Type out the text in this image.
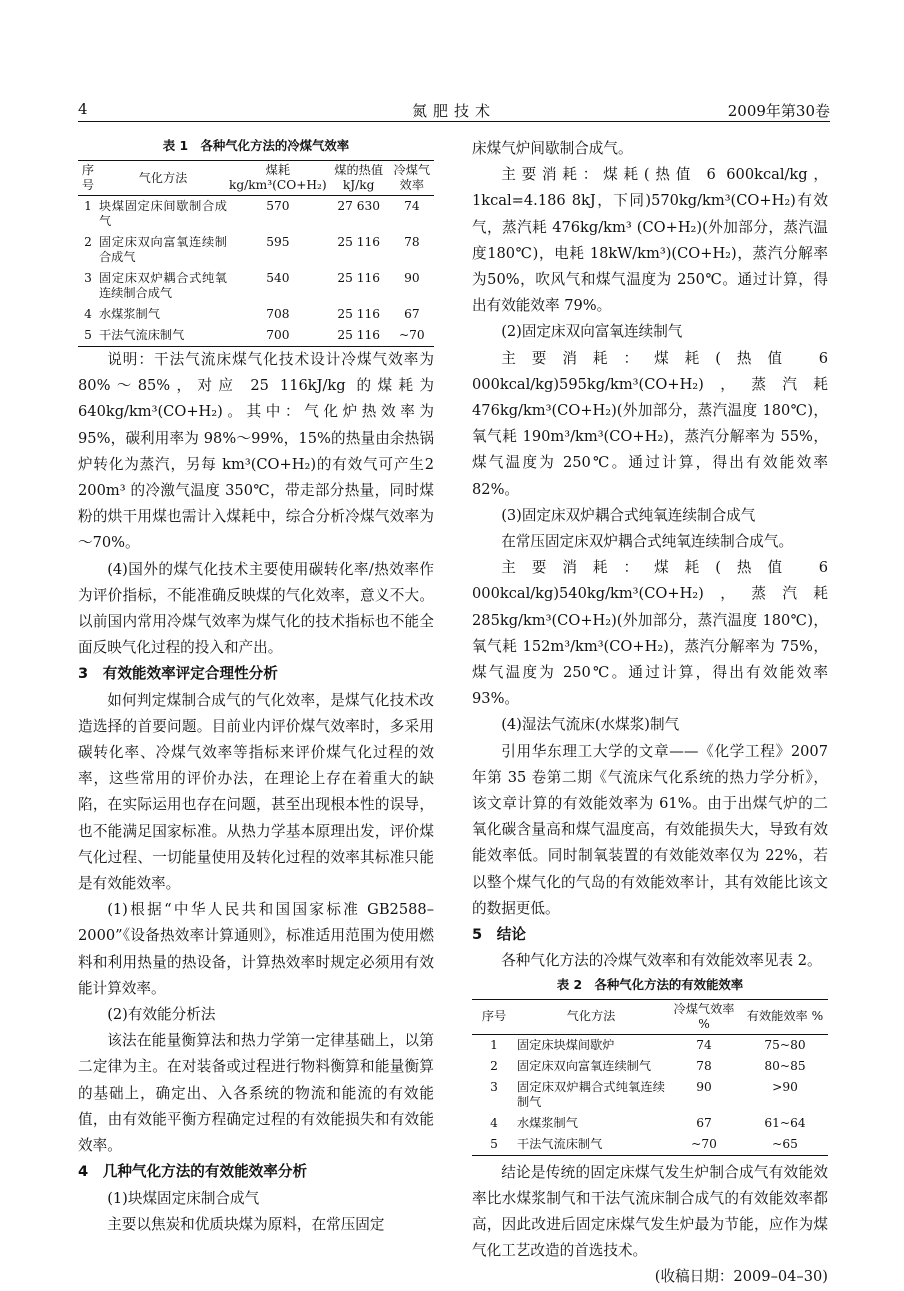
4	氮肥技术	2009年第30卷
表 1　各种气化方法的冷煤气效率
序号	气化方法	煤耗 kg/km³(CO+H₂)	煤的热值 kJ/kg	冷煤气效率
1	块煤固定床间歇制合成气	570	27 630	74
2	固定床双向富氧连续制合成气	595	25 116	78
3	固定床双炉耦合式纯氧连续制合成气	540	25 116	90
4	水煤浆制气	708	25 116	67
5	干法气流床制气	700	25 116	~70

说明：干法气流床煤气化技术设计冷煤气效率为 80%～85%，对应 25 116kJ/kg 的煤耗为640kg/km³(CO+H₂)。其中：气化炉热效率为 95%，碳利用率为 98%～99%，15%的热量由余热锅炉转化为蒸汽，另每 km³(CO+H₂)的有效气可产生2 200m³ 的冷激气温度 350℃，带走部分热量，同时煤粉的烘干用煤也需计入煤耗中，综合分析冷煤气效率为～70%。

(4)国外的煤气化技术主要使用碳转化率/热效率作为评价指标，不能准确反映煤的气化效率，意义不大。以前国内常用冷煤气效率为煤气化的技术指标也不能全面反映气化过程的投入和产出。

3　有效能效率评定合理性分析

如何判定煤制合成气的气化效率，是煤气化技术改造选择的首要问题。目前业内评价煤气效率时，多采用碳转化率、冷煤气效率等指标来评价煤气化过程的效率，这些常用的评价办法，在理论上存在着重大的缺陷，在实际运用也存在问题，甚至出现根本性的误导，也不能满足国家标准。从热力学基本原理出发，评价煤气化过程、一切能量使用及转化过程的效率其标准只能是有效能效率。

(1)根据“中华人民共和国国家标准 GB2588–2000”《设备热效率计算通则》，标准适用范围为使用燃料和利用热量的热设备，计算热效率时规定必须用有效能计算效率。

(2)有效能分析法

该法在能量衡算法和热力学第一定律基础上，以第二定律为主。在对装备或过程进行物料衡算和能量衡算的基础上，确定出、入各系统的物流和能流的有效能值，由有效能平衡方程确定过程的有效能损失和有效能效率。

4　几种气化方法的有效能效率分析

(1)块煤固定床制合成气

主要以焦炭和优质块煤为原料，在常压固定

床煤气炉间歇制合成气。

主要消耗：煤耗(热值 6 600kcal/kg，1kcal=4.186 8kJ，下同)570kg/km³(CO+H₂)有效气，蒸汽耗 476kg/km³ (CO+H₂)(外加部分，蒸汽温度180℃)，电耗 18kW/km³)(CO+H₂)，蒸汽分解率为50%，吹风气和煤气温度为 250℃。通过计算，得出有效能效率 79%。

(2)固定床双向富氧连续制气

主要消耗：煤耗(热值 6 000kcal/kg)595kg/km³(CO+H₂)，蒸汽耗 476kg/km³(CO+H₂)(外加部分，蒸汽温度 180℃)，氧气耗 190m³/km³(CO+H₂)，蒸汽分解率为 55%，煤气温度为 250℃。通过计算，得出有效能效率 82%。

(3)固定床双炉耦合式纯氧连续制合成气

在常压固定床双炉耦合式纯氧连续制合成气。

主要消耗：煤耗(热值 6 000kcal/kg)540kg/km³(CO+H₂)，蒸汽耗 285kg/km³(CO+H₂)(外加部分，蒸汽温度 180℃)，氧气耗 152m³/km³(CO+H₂)，蒸汽分解率为 75%，煤气温度为 250℃。通过计算，得出有效能效率 93%。

(4)湿法气流床(水煤浆)制气

引用华东理工大学的文章——《化学工程》2007 年第 35 卷第二期《气流床气化系统的热力学分析》，该文章计算的有效能效率为 61%。由于出煤气炉的二氧化碳含量高和煤气温度高，有效能损失大，导致有效能效率低。同时制氧装置的有效能效率仅为 22%，若以整个煤气化的气岛的有效能效率计，其有效能比该文的数据更低。

5　结论

各种气化方法的冷煤气效率和有效能效率见表 2。

表 2　各种气化方法的有效能效率
序号	气化方法	冷煤气效率 %	有效能效率 %
1	固定床块煤间歇炉	74	75~80
2	固定床双向富氧连续制气	78	80~85
3	固定床双炉耦合式纯氧连续制气	90	>90
4	水煤浆制气	67	61~64
5	干法气流床制气	~70	~65

结论是传统的固定床煤气发生炉制合成气有效能效率比水煤浆制气和干法气流床制合成气的有效能效率都高，因此改进后固定床煤气发生炉最为节能，应作为煤气化工艺改造的首选技术。

(收稿日期：2009–04–30)
